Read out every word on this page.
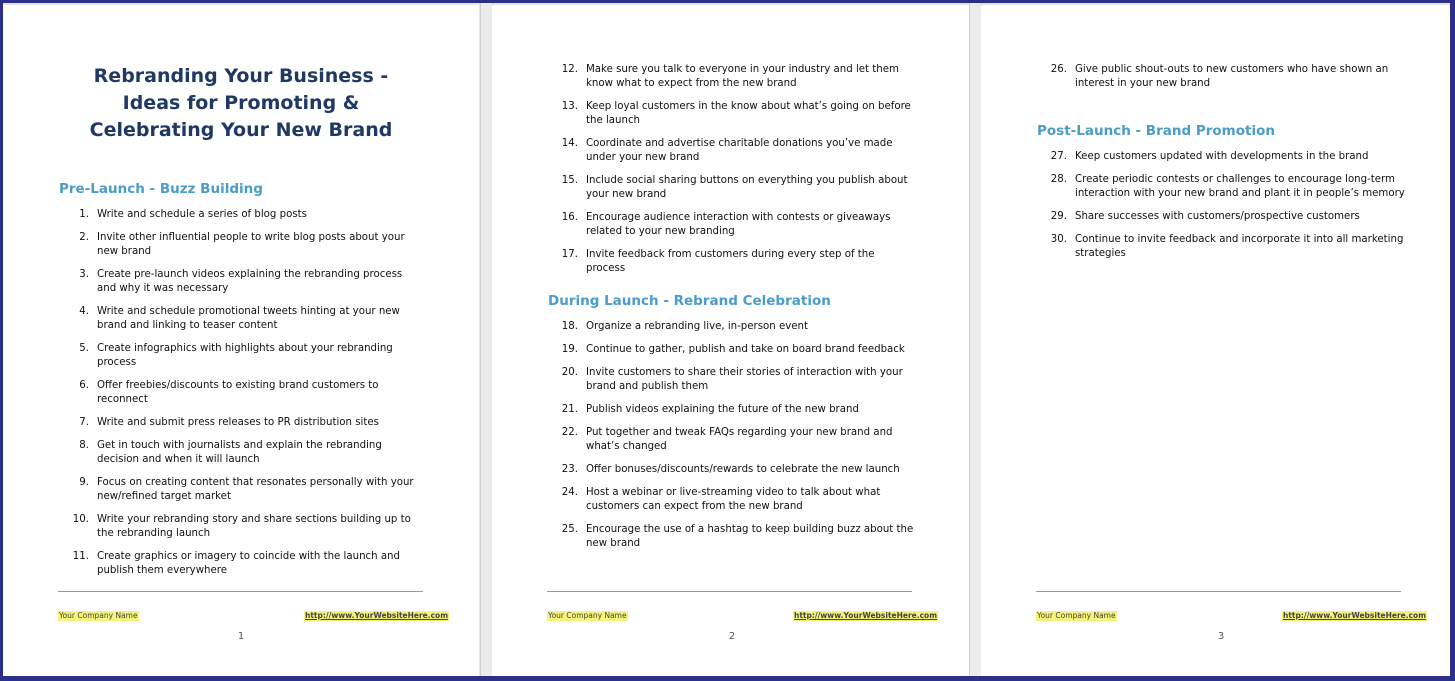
Rebranding Your Business -
Ideas for Promoting &
Celebrating Your New Brand
Pre-Launch - Buzz Building
1. Write and schedule a series of blog posts
2. Invite other influential people to write blog posts about your new brand
3. Create pre-launch videos explaining the rebranding process and why it was necessary
4. Write and schedule promotional tweets hinting at your new brand and linking to teaser content
5. Create infographics with highlights about your rebranding process
6. Offer freebies/discounts to existing brand customers to reconnect
7. Write and submit press releases to PR distribution sites
8. Get in touch with journalists and explain the rebranding decision and when it will launch
9. Focus on creating content that resonates personally with your new/refined target market
10. Write your rebranding story and share sections building up to the rebranding launch
11. Create graphics or imagery to coincide with the launch and publish them everywhere
Your Company Name	http://www.YourWebsiteHere.com
1
12. Make sure you talk to everyone in your industry and let them know what to expect from the new brand
13. Keep loyal customers in the know about what’s going on before the launch
14. Coordinate and advertise charitable donations you’ve made under your new brand
15. Include social sharing buttons on everything you publish about your new brand
16. Encourage audience interaction with contests or giveaways related to your new branding
17. Invite feedback from customers during every step of the process
During Launch - Rebrand Celebration
18. Organize a rebranding live, in-person event
19. Continue to gather, publish and take on board brand feedback
20. Invite customers to share their stories of interaction with your brand and publish them
21. Publish videos explaining the future of the new brand
22. Put together and tweak FAQs regarding your new brand and what’s changed
23. Offer bonuses/discounts/rewards to celebrate the new launch
24. Host a webinar or live-streaming video to talk about what customers can expect from the new brand
25. Encourage the use of a hashtag to keep building buzz about the new brand
Your Company Name	http://www.YourWebsiteHere.com
2
26. Give public shout-outs to new customers who have shown an interest in your new brand
Post-Launch - Brand Promotion
27. Keep customers updated with developments in the brand
28. Create periodic contests or challenges to encourage long-term interaction with your new brand and plant it in people’s memory
29. Share successes with customers/prospective customers
30. Continue to invite feedback and incorporate it into all marketing strategies
Your Company Name	http://www.YourWebsiteHere.com
3
